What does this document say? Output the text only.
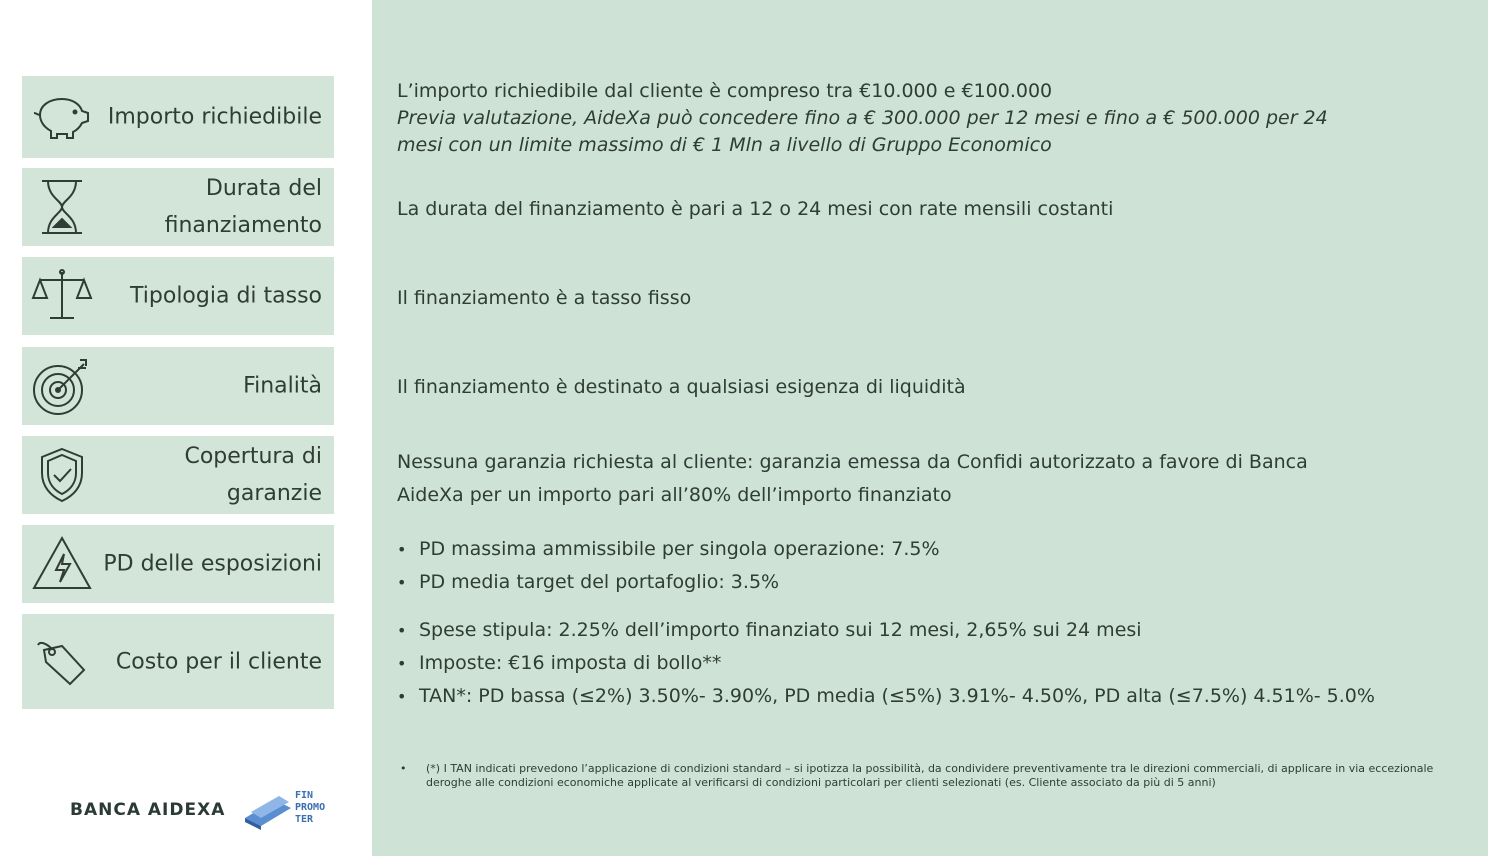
Importo richiedibile
Durata del finanziamento
Tipologia di tasso
Finalità
Copertura di garanzie
PD delle esposizioni
Costo per il cliente
L’importo richiedibile dal cliente è compreso tra €10.000 e €100.000
Previa valutazione, AideXa può concedere fino a € 300.000 per 12 mesi e fino a € 500.000 per 24
mesi con un limite massimo di € 1 Mln a livello di Gruppo Economico
La durata del finanziamento è pari a 12 o 24 mesi con rate mensili costanti
Il finanziamento è a tasso fisso
Il finanziamento è destinato a qualsiasi esigenza di liquidità
Nessuna garanzia richiesta al cliente: garanzia emessa da Confidi autorizzato a favore di Banca
AideXa per un importo pari all’80% dell’importo finanziato
• PD massima ammissibile per singola operazione: 7.5%
• PD media target del portafoglio: 3.5%
• Spese stipula: 2.25% dell’importo finanziato sui 12 mesi, 2,65% sui 24 mesi
• Imposte: €16 imposta di bollo**
• TAN*: PD bassa (≤2%) 3.50%- 3.90%, PD media (≤5%) 3.91%- 4.50%, PD alta (≤7.5%) 4.51%- 5.0%
• (*) I TAN indicati prevedono l’applicazione di condizioni standard – si ipotizza la possibilità, da condividere preventivamente tra le direzioni commerciali, di applicare in via eccezionale deroghe alle condizioni economiche applicate al verificarsi di condizioni particolari per clienti selezionati (es. Cliente associato da più di 5 anni)
BANCA AIDEXA
FIN
PROMO
TER
